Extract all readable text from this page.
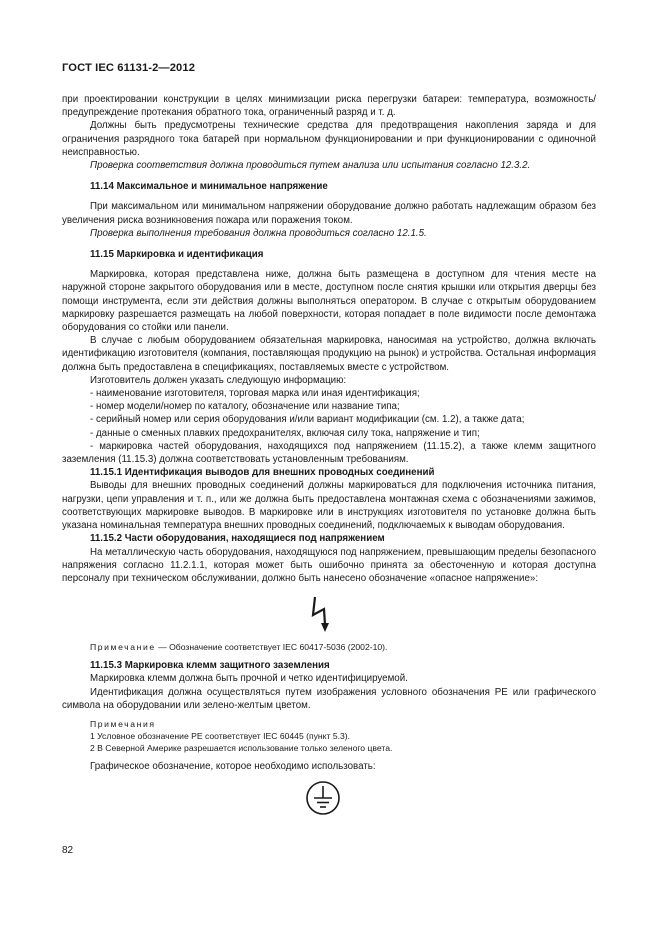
ГОСТ IEC 61131-2—2012

при проектировании конструкции в целях минимизации риска перегрузки батареи: температура, возможность/предупреждение протекания обратного тока, ограниченный разряд и т. д.

Должны быть предусмотрены технические средства для предотвращения накопления заряда и для ограничения разрядного тока батарей при нормальном функционировании и при функционировании с одиночной неисправностью.

Проверка соответствия должна проводиться путем анализа или испытания согласно 12.3.2.

11.14 Максимальное и минимальное напряжение

При максимальном или минимальном напряжении оборудование должно работать надлежащим образом без увеличения риска возникновения пожара или поражения током.

Проверка выполнения требования должна проводиться согласно 12.1.5.

11.15 Маркировка и идентификация

Маркировка, которая представлена ниже, должна быть размещена в доступном для чтения месте на наружной стороне закрытого оборудования или в месте, доступном после снятия крышки или открытия дверцы без помощи инструмента, если эти действия должны выполняться оператором. В случае с открытым оборудованием маркировку разрешается размещать на любой поверхности, которая попадает в поле видимости после демонтажа оборудования со стойки или панели.

В случае с любым оборудованием обязательная маркировка, наносимая на устройство, должна включать идентификацию изготовителя (компания, поставляющая продукцию на рынок) и устройства. Остальная информация должна быть предоставлена в спецификациях, поставляемых вместе с устройством.

Изготовитель должен указать следующую информацию:

- наименование изготовителя, торговая марка или иная идентификация;

- номер модели/номер по каталогу, обозначение или название типа;

- серийный номер или серия оборудования и/или вариант модификации (см. 1.2), а также дата;

- данные о сменных плавких предохранителях, включая силу тока, напряжение и тип;

- маркировка частей оборудования, находящихся под напряжением (11.15.2), а также клемм защитного заземления (11.15.3) должна соответствовать установленным требованиям.

11.15.1 Идентификация выводов для внешних проводных соединений

Выводы для внешних проводных соединений должны маркироваться для подключения источника питания, нагрузки, цепи управления и т. п., или же должна быть предоставлена монтажная схема с обозначениями зажимов, соответствующих маркировке выводов. В маркировке или в инструкциях изготовителя по установке должна быть указана номинальная температура внешних проводных соединений, подключаемых к выводам оборудования.

11.15.2 Части оборудования, находящиеся под напряжением

На металлическую часть оборудования, находящуюся под напряжением, превышающим пределы безопасного напряжения согласно 11.2.1.1, которая может быть ошибочно принята за обесточенную и которая доступна персоналу при техническом обслуживании, должно быть нанесено обозначение «опасное напряжение»:

Примечание — Обозначение соответствует IEC 60417-5036 (2002-10).

11.15.3 Маркировка клемм защитного заземления

Маркировка клемм должна быть прочной и четко идентифицируемой.

Идентификация должна осуществляться путем изображения условного обозначения PE или графического символа на оборудовании или зелено-желтым цветом.

Примечания

1 Условное обозначение PE соответствует IEC 60445 (пункт 5.3).

2 В Северной Америке разрешается использование только зеленого цвета.

Графическое обозначение, которое необходимо использовать:

82
